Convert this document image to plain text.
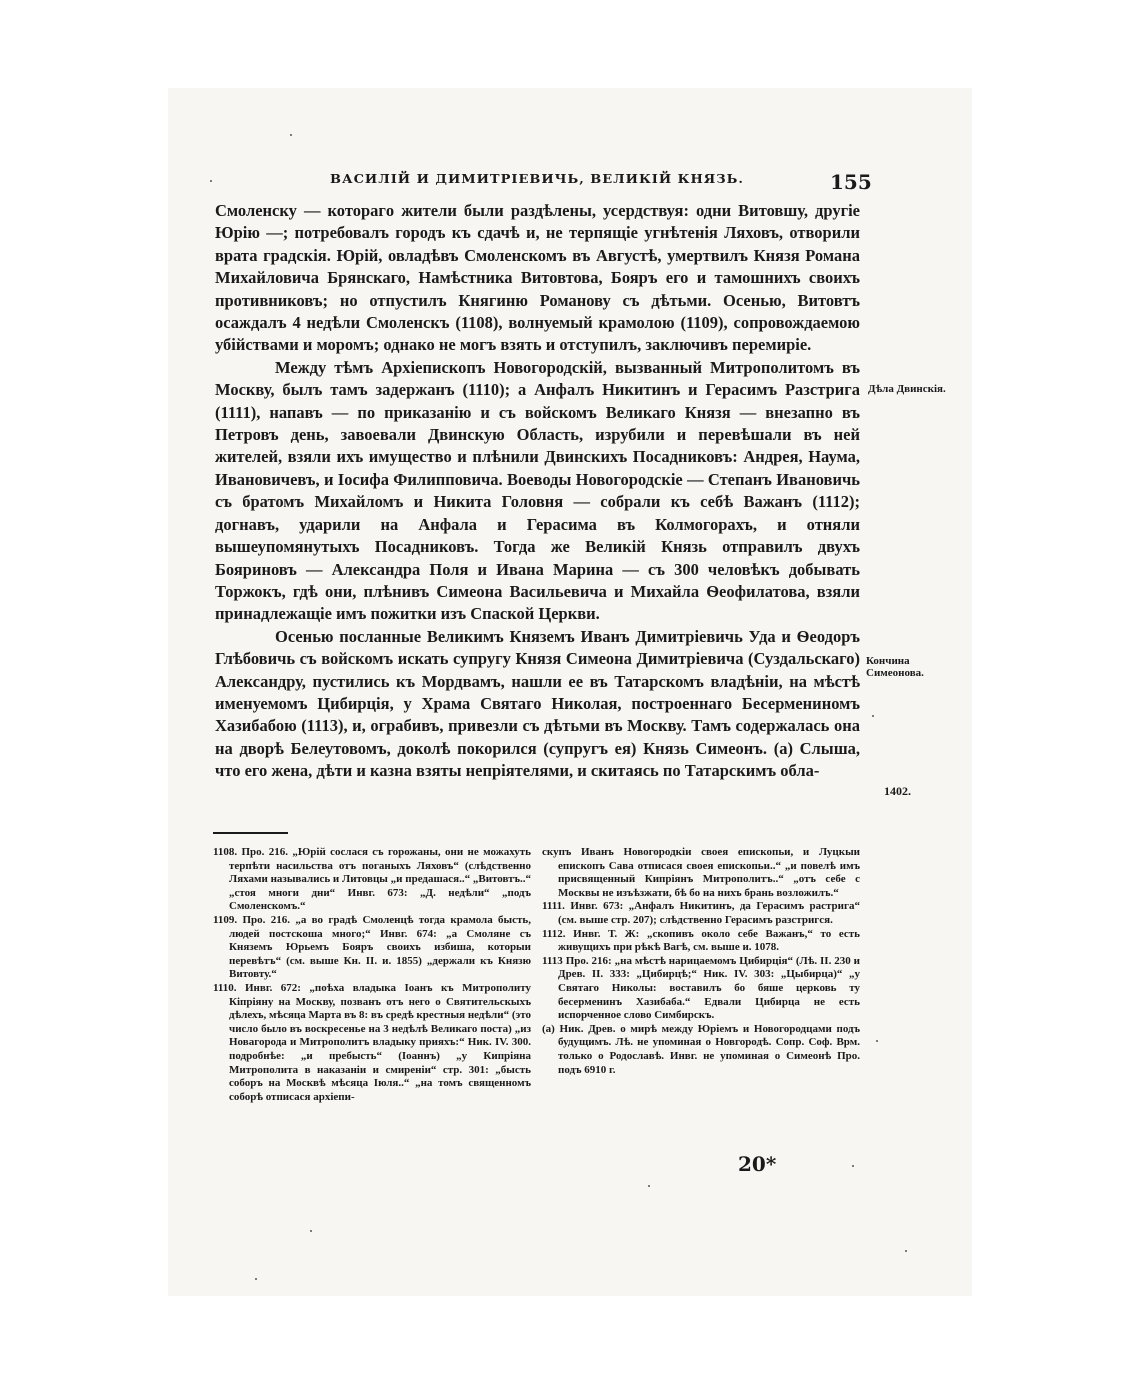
ВАСИЛІЙ И ДИМИТРІЕВИЧЬ, ВЕЛИКІЙ КНЯЗЬ.	155

Смоленску — которагo жители были раздѣлены, усердствуя: одни Витовшу, другіе Юрію —; потребовалъ городъ къ сдачѣ и, не терпящіе угнѣтенія Ляховъ, отворили врата градскія. Юрій, овладѣвъ Смоленскомъ въ Августѣ, умертвилъ Князя Романа Михайловича Брянскаго, Намѣстника Витовтова, Бояръ его и тамошнихъ своихъ противниковъ; но отпустилъ Княгиню Романову съ дѣтьми. Осенью, Витовтъ осаждалъ 4 недѣли Смоленскъ (1108), волнуемый крамолою (1109), сопровождаемою убійствами и моромъ; однако не могъ взять и отступилъ, заключивъ перемиріе.

Между тѣмъ Архіепископъ Новогородскій, вызванный Митрополитомъ въ Москву, былъ тамъ задержанъ (1110); а Анфалъ Никитинъ и Герасимъ Разстрига (1111), напавъ — по приказанію и съ войскомъ Великаго Князя — внезапно въ Петровъ день, завоевали Двинскую Область, изрубили и перевѣшали въ ней жителей, взяли ихъ имущество и плѣнили Двинскихъ Посадниковъ: Андрея, Наума, Ивановичевъ, и Іосифа Филипповича. Воеводы Новогородскіе — Степанъ Ивановичь съ братомъ Михайломъ и Никита Головня — собрали къ себѣ Важанъ (1112); догнавъ, ударили на Анфала и Герасима въ Колмогорахъ, и отняли вышеупомянутыхъ Посадниковъ. Тогда же Великій Князь отправилъ двухъ Бояриновъ — Александра Поля и Ивана Марина — съ 300 человѣкъ добывать Торжокъ, гдѣ они, плѣнивъ Симеона Васильевича и Михайла Ѳеофилатова, взяли принадлежащіе имъ пожитки изъ Спаской Церкви.

Осенью посланные Великимъ Княземъ Иванъ Димитріевичь Уда и Ѳеодоръ Глѣбовичь съ войскомъ искать супругу Князя Симеона Димитріевича (Суздальскаго) Александру, пустились къ Мордвамъ, нашли ее въ Татарскомъ владѣніи, на мѣстѣ именуемомъ Цибирція, у Храма Святаго Николая, построеннаго Бесермениномъ Хазибабою (1113), и, ограбивъ, привезли съ дѣтьми въ Москву. Тамъ содержалась она на дворѣ Белеутовомъ, доколѣ покорился (супругъ ея) Князь Симеонъ. (а) Слыша, что его жена, дѣти и казна взяты непріятелями, и скитаясь по Татарскимъ обла-

Дѣла Двинскія.
Кончина Симеонова.
1402.

1108. Про. 216. „Юрій сослася съ горожаны, они не можахуть терпѣти насильства отъ поганыхъ Ляховъ“ (слѣдственно Ляхами назывались и Литовцы „и предашася..“ „Витовтъ..“ „стоя многи дни“ Инвг. 673: „Д. недѣли“ „подъ Смоленскомъ.“

1109. Про. 216. „а во градѣ Смоленцѣ тогда крамола бысть, людей постскоша много;“ Инвг. 674: „а Смоляне съ Княземъ Юрьемъ Бояръ своихъ избиша, которыи перевѣтъ“ (см. выше Кн. II. и. 1855) „держали къ Князю Витовту.“

1110. Инвг. 672: „поѣха владыка Іоанъ къ Митрополиту Кіпріяну на Москву, позванъ отъ него о Святительскыхъ дѣлехъ, мѣсяца Марта въ 8: въ средѣ крестныя недѣли“ (это число было въ воскресенье на 3 недѣлѣ Великаго поста) „из Новагорода и Митрополитъ владыку прияхъ:“ Ник. IV. 300. подробнѣе: „и пребысть“ (Іоаннъ) „у Кипріяна Митрополита в наказаніи и смиреніи“ стр. 301: „бысть соборъ на Москвѣ мѣсяца Іюля..“ „на томъ священномъ соборѣ отписася архіепи-

скупъ Иванъ Новогородкіи своея епископьи, и Луцкыи епископъ Сава отписася своея епископьи..“ „и повелѣ имъ присвященный Кипріянъ Митрополитъ..“ „отъ себе с Москвы не изъѣзжати, бѣ бо на нихъ брань возложилъ.“

1111. Инвг. 673: „Анфалъ Никитинъ, да Герасимъ растрига“ (см. выше стр. 207); слѣдственно Герасимъ разстригся.

1112. Инвг. Т. Ж: „скопивъ около себе Важанъ,“ то есть живущихъ при рѣкѣ Вагѣ, см. выше и. 1078.

1113 Про. 216: „на мѣстѣ нарицаемомъ Цибирція“ (Лѣ. II. 230 и Древ. II. 333: „Цибирцѣ;“ Ник. IV. 303: „Цыбирца)“ „у Святаго Николы: воставилъ бо бяше церковь ту бесерменинъ Хазибаба.“ Едвали Цибирца не есть испорченное слово Симбирскъ.

(а) Ник. Древ. о мирѣ между Юріемъ и Новогородцами подъ будущимъ. Лѣ. не упоминая о Новгородѣ. Сопр. Соф. Врм. только о Родославѣ. Инвг. не упоминая о Симеонѣ Про. подъ 6910 г.

20*
